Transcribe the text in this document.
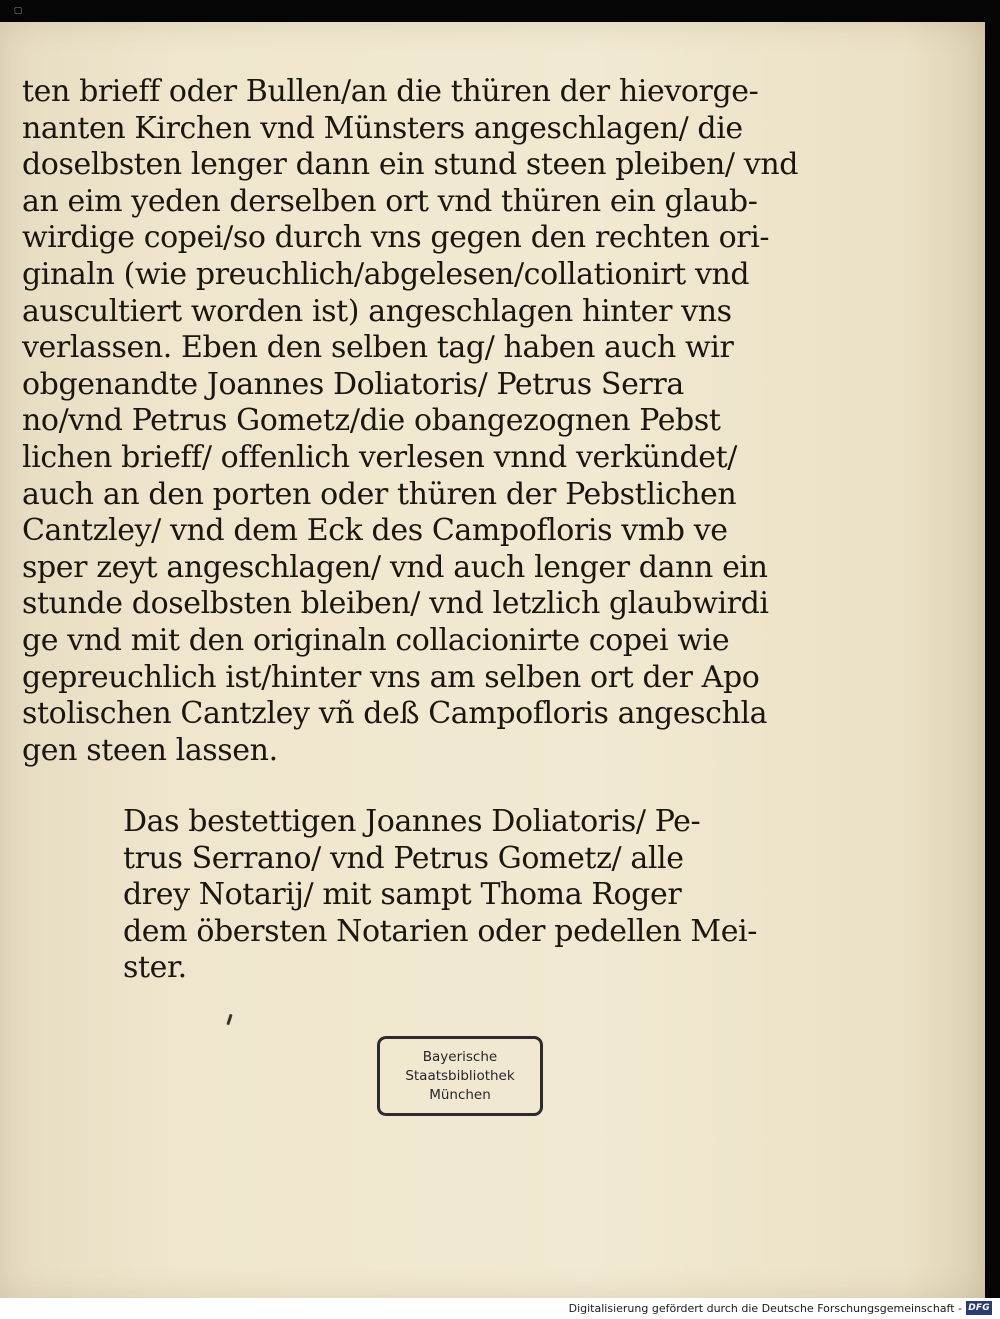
▢
ten brieff oder Bullen/an die thüren der hievorge-
nanten Kirchen vnd Münsters angeschlagen/ die
doselbsten lenger dann ein stund steen pleiben/ vnd
an eim yeden derselben ort vnd thüren ein glaub-
wirdige copei/so durch vns gegen den rechten ori-
ginaln (wie preuchlich/abgelesen/collationirt vnd
auscultiert worden ist) angeschlagen hinter vns
verlassen. Eben den selben tag/ haben auch wir
obgenandte Joannes Doliatoris/ Petrus Serra
no/vnd Petrus Gometz/die obangezognen Pebst
lichen brieff/ offenlich verlesen vnnd verkündet/
auch an den porten oder thüren der Pebstlichen
Cantzley/ vnd dem Eck des Campofloris vmb ve
sper zeyt angeschlagen/ vnd auch lenger dann ein
stunde doselbsten bleiben/ vnd letzlich glaubwirdi
ge vnd mit den originaln collacionirte copei wie
gepreuchlich ist/hinter vns am selben ort der Apo
stolischen Cantzley vñ deß Campofloris angeschla
gen steen lassen.
Das bestettigen Joannes Doliatoris/ Pe-
trus Serrano/ vnd Petrus Gometz/ alle
drey Notarij/ mit sampt Thoma Roger
dem öbersten Notarien oder pedellen Mei-
ster.
Bayerische
Staatsbibliothek
München
Digitalisierung gefördert durch die Deutsche Forschungsgemeinschaft - DFG
